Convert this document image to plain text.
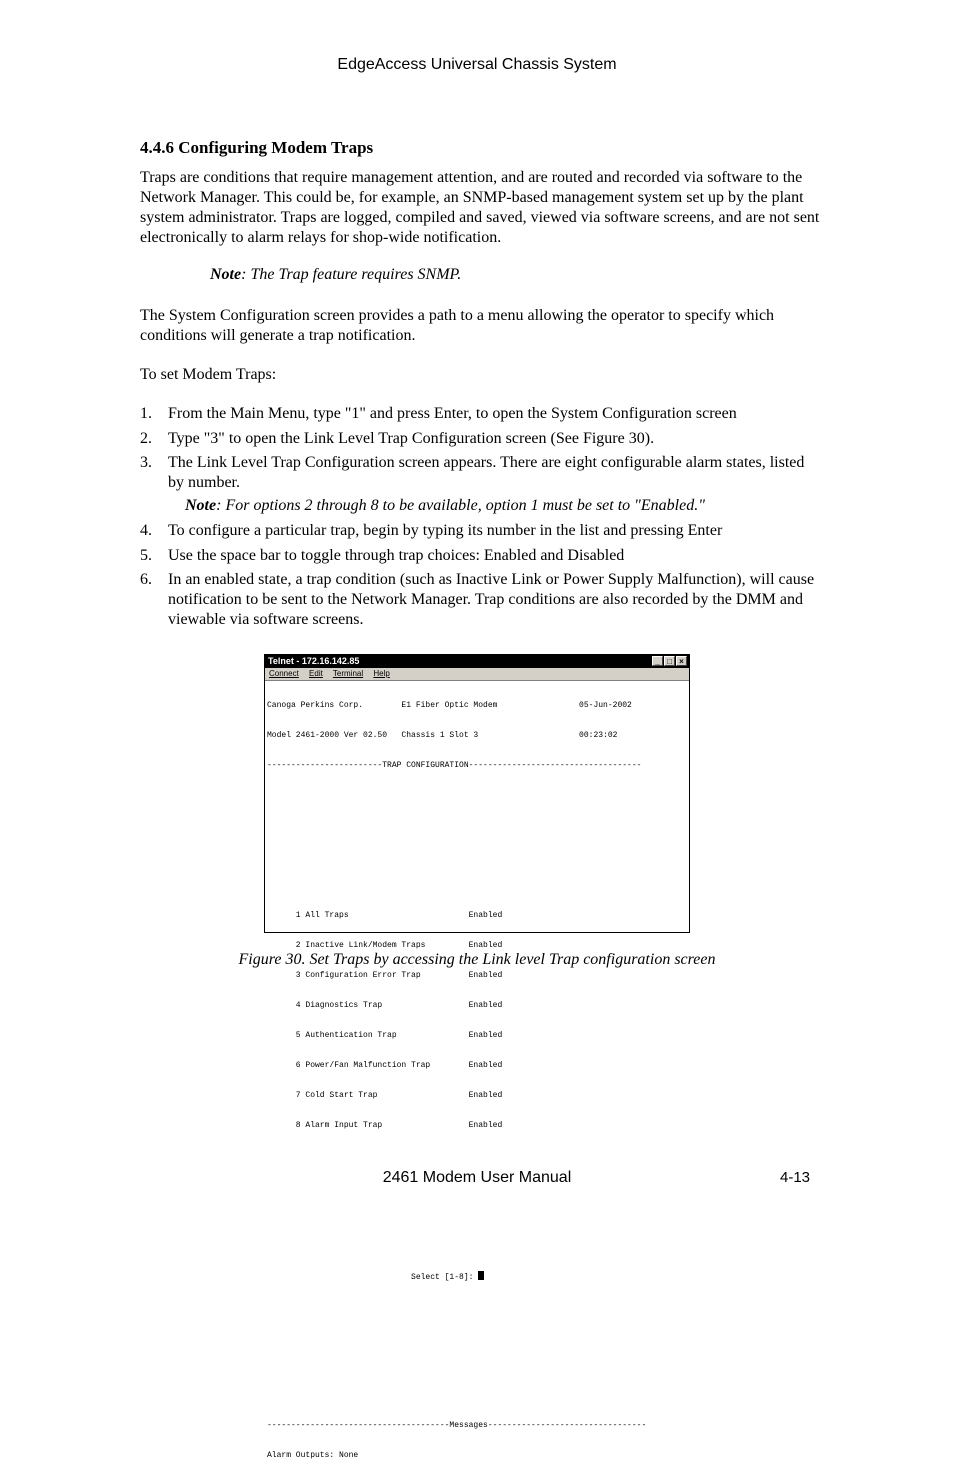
EdgeAccess Universal Chassis System
4.4.6 Configuring Modem Traps
Traps are conditions that require management attention, and are routed and recorded via software to the Network Manager. This could be, for example, an SNMP-based management system set up by the plant system administrator. Traps are logged, compiled and saved, viewed via software screens, and are not sent electronically to alarm relays for shop-wide notification.
Note: The Trap feature requires SNMP.
The System Configuration screen provides a path to a menu allowing the operator to specify which conditions will generate a trap notification.
To set Modem Traps:
1. From the Main Menu, type "1" and press Enter, to open the System Configuration screen
2. Type "3" to open the Link Level Trap Configuration screen (See Figure 30).
3. The Link Level Trap Configuration screen appears. There are eight configurable alarm states, listed by number.
Note: For options 2 through 8 to be available, option 1 must be set to "Enabled."
4. To configure a particular trap, begin by typing its number in the list and pressing Enter
5. Use the space bar to toggle through trap choices: Enabled and Disabled
6. In an enabled state, a trap condition (such as Inactive Link or Power Supply Malfunction), will cause notification to be sent to the Network Manager. Trap conditions are also recorded by the DMM and viewable via software screens.
Telnet - 172.16.142.85	_ □ ×
Connect Edit Terminal Help

Canoga Perkins Corp.        E1 Fiber Optic Modem                 05-Jun-2002

Model 2461-2000 Ver 02.50   Chassis 1 Slot 3                     00:23:02

------------------------TRAP CONFIGURATION------------------------------------

1 All Traps                         Enabled

2 Inactive Link/Modem Traps         Enabled

3 Configuration Error Trap          Enabled

4 Diagnostics Trap                  Enabled

5 Authentication Trap               Enabled

6 Power/Fan Malfunction Trap        Enabled

7 Cold Start Trap                   Enabled

8 Alarm Input Trap                  Enabled

Select [1-8]:

--------------------------------------Messages---------------------------------

Alarm Outputs: None

Figure 30. Set Traps by accessing the Link level Trap configuration screen
2461 Modem User Manual	4-13
